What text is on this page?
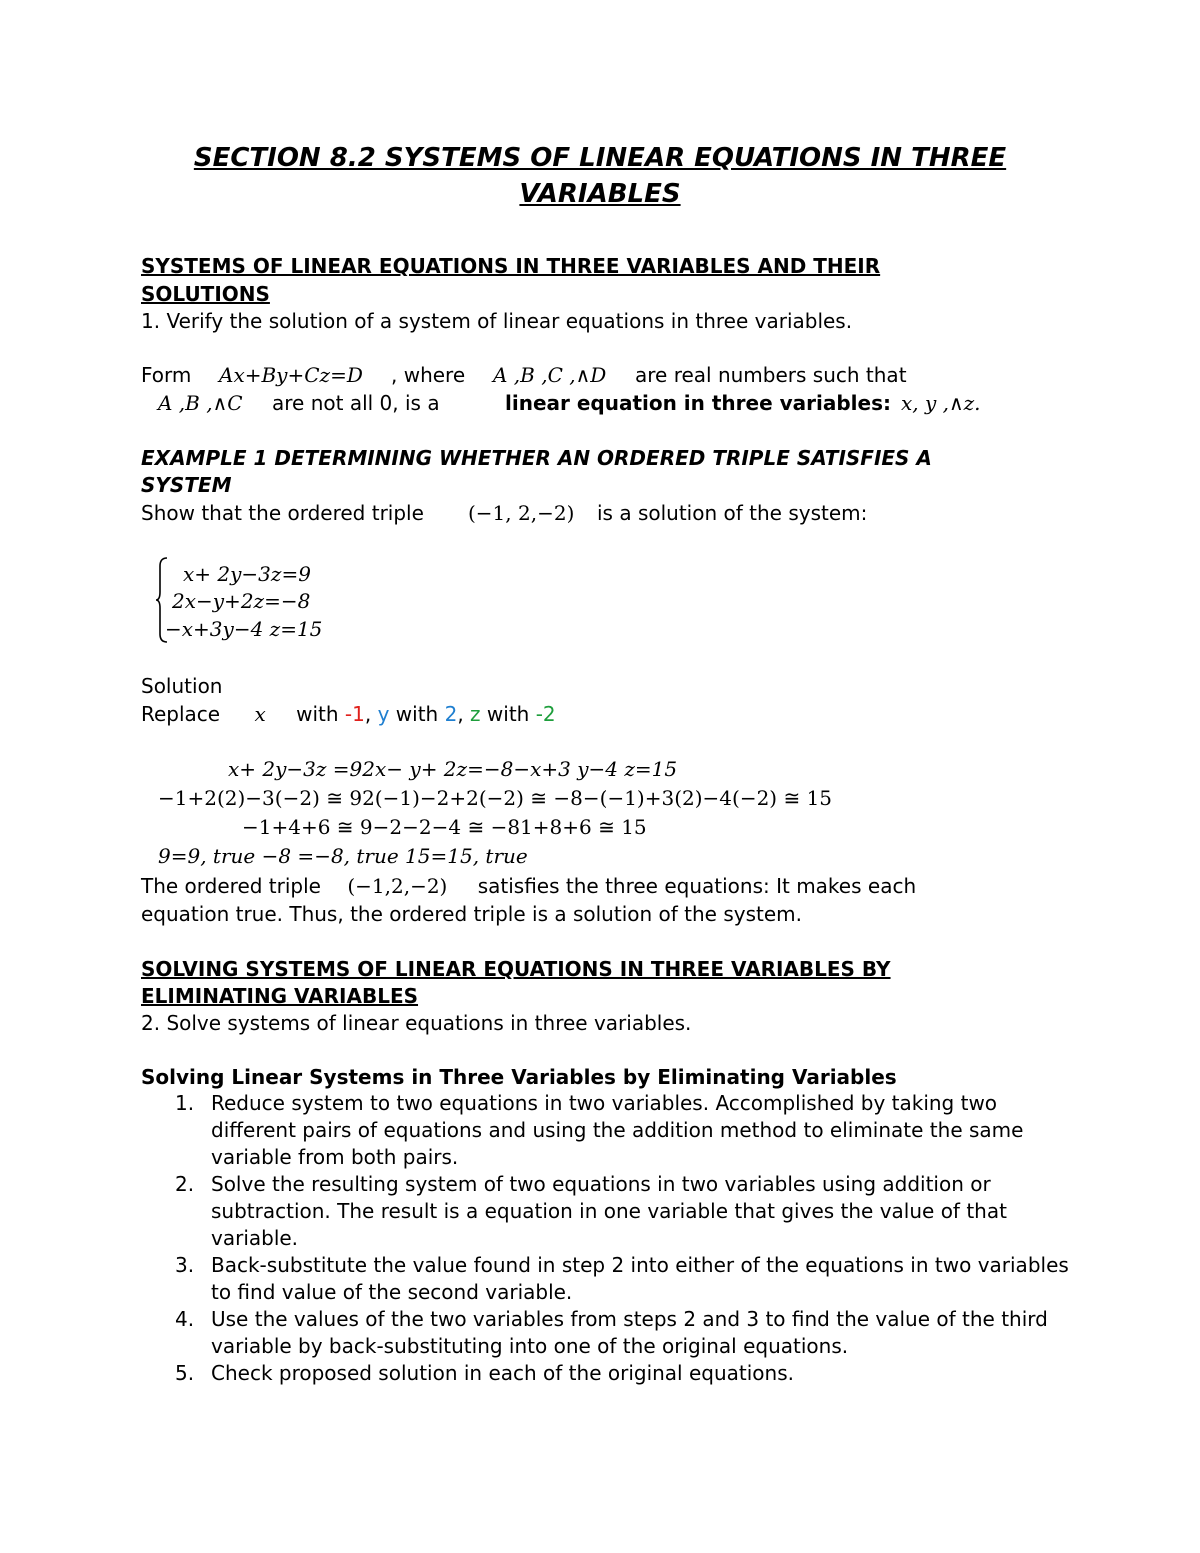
SECTION 8.2 SYSTEMS OF LINEAR EQUATIONS IN THREE
VARIABLES
SYSTEMS OF LINEAR EQUATIONS IN THREE VARIABLES AND THEIR
SOLUTIONS
1. Verify the solution of a system of linear equations in three variables.
Form Ax+By+Cz=D , where A ,B ,C ,∧D are real numbers such that
A ,B ,∧C are not all 0, is a	linear equation in three variables: x, y ,∧z.
EXAMPLE 1 DETERMINING WHETHER AN ORDERED TRIPLE SATISFIES A
SYSTEM
Show that the ordered triple (−1, 2,−2) is a solution of the system:
x+ 2y−3z=9
2x−y+2z=−8
−x+3y−4 z=15
Solution
Replace x with -1, y with 2, z with -2
x+ 2y−3z =92x− y+ 2z=−8−x+3 y−4 z=15
−1+2(2)−3(−2) ≅ 92(−1)−2+2(−2) ≅ −8−(−1)+3(2)−4(−2) ≅ 15
−1+4+6 ≅ 9−2−2−4 ≅ −81+8+6 ≅ 15
9=9, true −8 =−8, true 15=15, true
The ordered triple (−1,2,−2) satisfies the three equations: It makes each
equation true. Thus, the ordered triple is a solution of the system.
SOLVING SYSTEMS OF LINEAR EQUATIONS IN THREE VARIABLES BY
ELIMINATING VARIABLES
2. Solve systems of linear equations in three variables.
Solving Linear Systems in Three Variables by Eliminating Variables
1. Reduce system to two equations in two variables. Accomplished by taking two different pairs of equations and using the addition method to eliminate the same variable from both pairs.
2. Solve the resulting system of two equations in two variables using addition or subtraction. The result is a equation in one variable that gives the value of that variable.
3. Back-substitute the value found in step 2 into either of the equations in two variables to find value of the second variable.
4. Use the values of the two variables from steps 2 and 3 to find the value of the third variable by back-substituting into one of the original equations.
5. Check proposed solution in each of the original equations.
